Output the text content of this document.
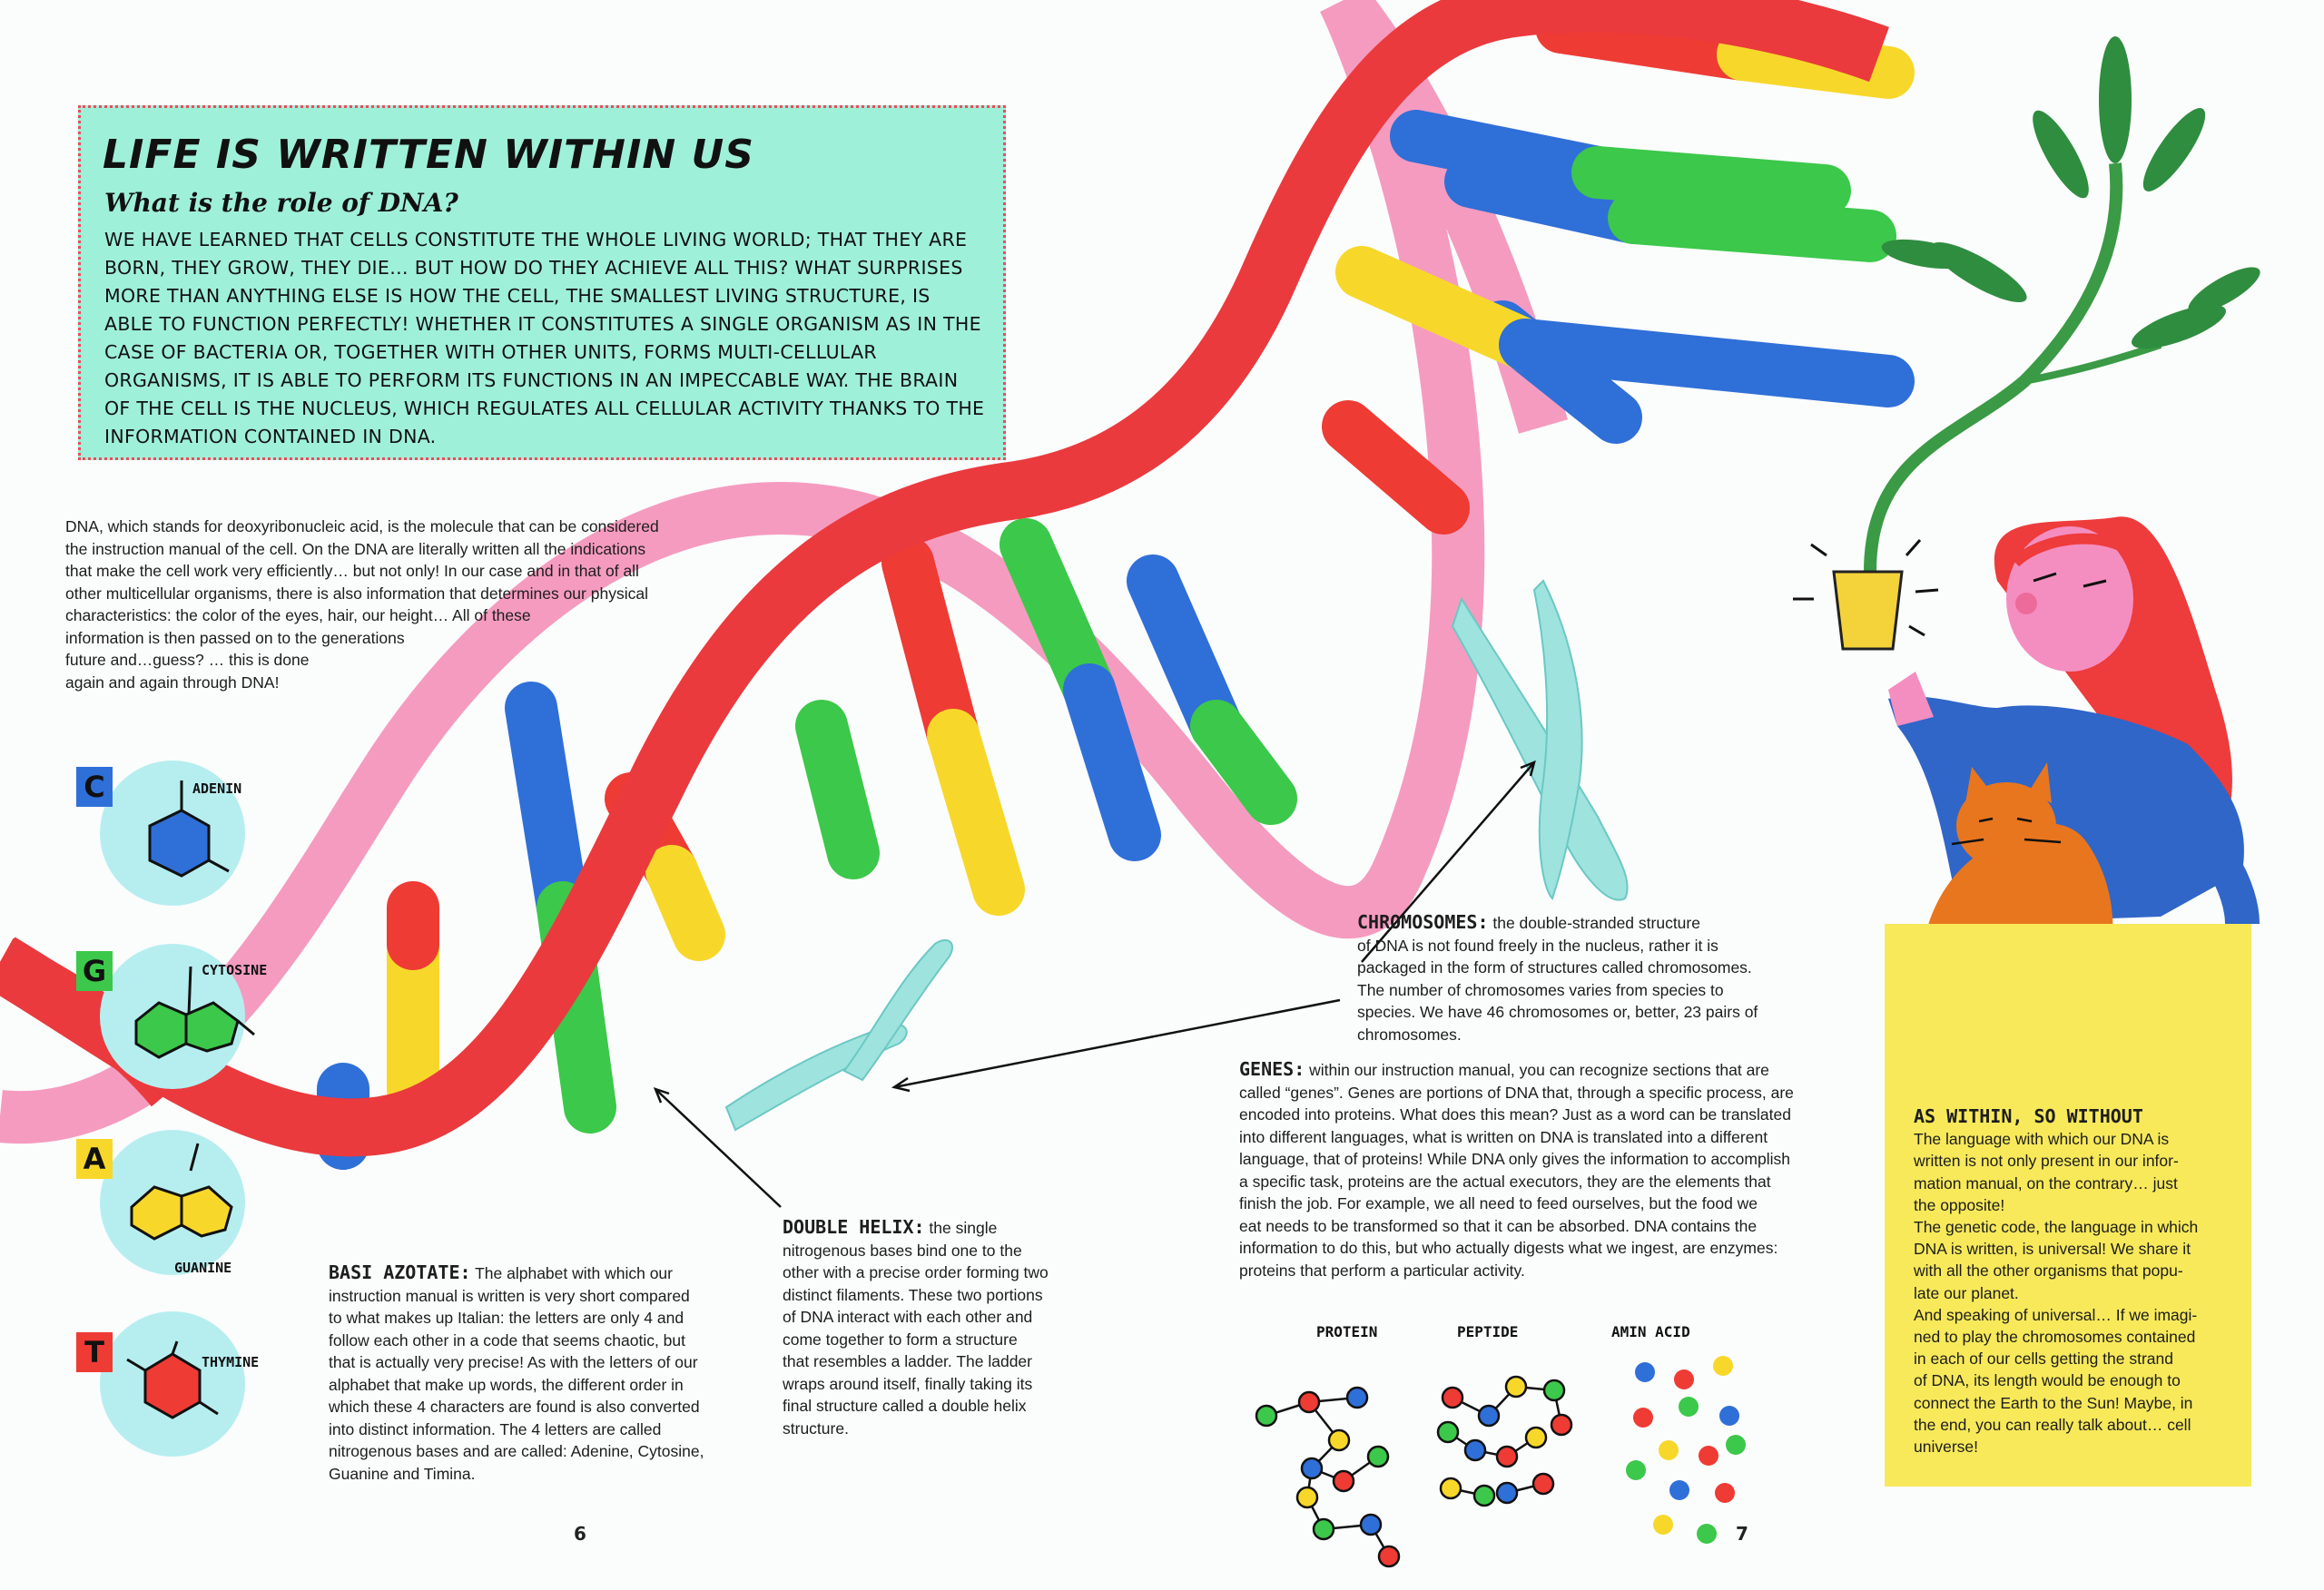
LIFE IS WRITTEN WITHIN US
What is the role of DNA?

WE HAVE LEARNED THAT CELLS CONSTITUTE THE WHOLE LIVING WORLD; THAT THEY ARE BORN, THEY GROW, THEY DIE… BUT HOW DO THEY ACHIEVE ALL THIS? WHAT SURPRISES MORE THAN ANYTHING ELSE IS HOW THE CELL, THE SMALLEST LIVING STRUCTURE, IS ABLE TO FUNCTION PERFECTLY! WHETHER IT CONSTITUTES A SINGLE ORGANISM AS IN THE CASE OF BACTERIA OR, TOGETHER WITH OTHER UNITS, FORMS MULTI-CELLULAR ORGANISMS, IT IS ABLE TO PERFORM ITS FUNCTIONS IN AN IMPECCABLE WAY. THE BRAIN OF THE CELL IS THE NUCLEUS, WHICH REGULATES ALL CELLULAR ACTIVITY THANKS TO THE INFORMATION CONTAINED IN DNA.

DNA, which stands for deoxyribonucleic acid, is the molecule that can be considered
the instruction manual of the cell. On the DNA are literally written all the indications
that make the cell work very efficiently… but not only! In our case and in that of all
other multicellular organisms, there is also information that determines our physical
characteristics: the color of the eyes, hair, our height… All of these
information is then passed on to the generations
future and…guess? … this is done
again and again through DNA!
C	ADENIN
G	CYTOSINE
A
GUANINE
T	THYMINE
BASI AZOTATE: The alphabet with which our
instruction manual is written is very short compared
to what makes up Italian: the letters are only 4 and
follow each other in a code that seems chaotic, but
that is actually very precise! As with the letters of our
alphabet that make up words, the different order in
which these 4 characters are found is also converted
into distinct information. The 4 letters are called
nitrogenous bases and are called: Adenine, Cytosine,
Guanine and Timina.
DOUBLE HELIX: the single
nitrogenous bases bind one to the
other with a precise order forming two
distinct filaments. These two portions
of DNA interact with each other and
come together to form a structure
that resembles a ladder. The ladder
wraps around itself, finally taking its
final structure called a double helix
structure.
CHROMOSOMES: the double-stranded structure
of DNA is not found freely in the nucleus, rather it is
packaged in the form of structures called chromosomes.
The number of chromosomes varies from species to
species. We have 46 chromosomes or, better, 23 pairs of
chromosomes.
GENES: within our instruction manual, you can recognize sections that are
called “genes”. Genes are portions of DNA that, through a specific process, are
encoded into proteins. What does this mean? Just as a word can be translated
into different languages, what is written on DNA is translated into a different
language, that of proteins! While DNA only gives the information to accomplish
a specific task, proteins are the actual executors, they are the elements that
finish the job. For example, we all need to feed ourselves, but the food we
eat needs to be transformed so that it can be absorbed. DNA contains the
information to do this, but who actually digests what we ingest, are enzymes:
proteins that perform a particular activity.
PROTEIN	PEPTIDE	AMIN ACID
AS WITHIN, SO WITHOUT
The language with which our DNA is
written is not only present in our infor-
mation manual, on the contrary… just
the opposite!
The genetic code, the language in which
DNA is written, is universal! We share it
with all the other organisms that popu-
late our planet.
And speaking of universal… If we imagi-
ned to play the chromosomes contained
in each of our cells getting the strand
of DNA, its length would be enough to
connect the Earth to the Sun! Maybe, in
the end, you can really talk about… cell
universe!
6	7
